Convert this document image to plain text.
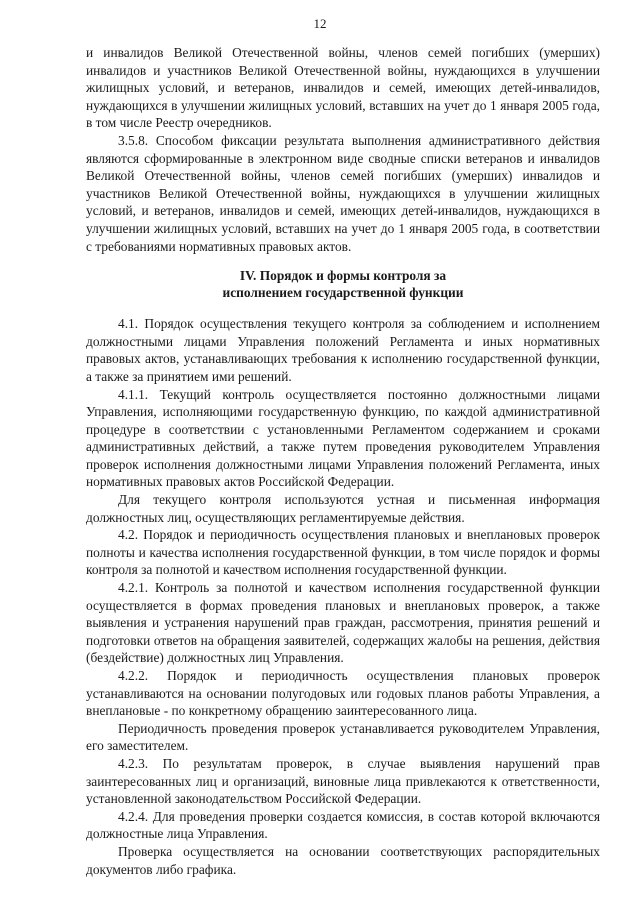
12

и инвалидов Великой Отечественной войны, членов семей погибших (умерших) инвалидов и участников Великой Отечественной войны, нуждающихся в улучшении жилищных условий, и ветеранов, инвалидов и семей, имеющих детей-инвалидов, нуждающихся в улучшении жилищных условий, вставших на учет до 1 января 2005 года, в том числе Реестр очередников.

3.5.8. Способом фиксации результата выполнения административного действия являются сформированные в электронном виде сводные списки ветеранов и инвалидов Великой Отечественной войны, членов семей погибших (умерших) инвалидов и участников Великой Отечественной войны, нуждающихся в улучшении жилищных условий, и ветеранов, инвалидов и семей, имеющих детей-инвалидов, нуждающихся в улучшении жилищных условий, вставших на учет до 1 января 2005 года, в соответствии с требованиями нормативных правовых актов.

IV. Порядок и формы контроля за
исполнением государственной функции

4.1. Порядок осуществления текущего контроля за соблюдением и исполнением должностными лицами Управления положений Регламента и иных нормативных правовых актов, устанавливающих требования к исполнению государственной функции, а также за принятием ими решений.

4.1.1. Текущий контроль осуществляется постоянно должностными лицами Управления, исполняющими государственную функцию, по каждой административной процедуре в соответствии с установленными Регламентом содержанием и сроками административных действий, а также путем проведения руководителем Управления проверок исполнения должностными лицами Управления положений Регламента, иных нормативных правовых актов Российской Федерации.

Для текущего контроля используются устная и письменная информация должностных лиц, осуществляющих регламентируемые действия.

4.2. Порядок и периодичность осуществления плановых и внеплановых проверок полноты и качества исполнения государственной функции, в том числе порядок и формы контроля за полнотой и качеством исполнения государственной функции.

4.2.1. Контроль за полнотой и качеством исполнения государственной функции осуществляется в формах проведения плановых и внеплановых проверок, а также выявления и устранения нарушений прав граждан, рассмотрения, принятия решений и подготовки ответов на обращения заявителей, содержащих жалобы на решения, действия (бездействие) должностных лиц Управления.

4.2.2. Порядок и периодичность осуществления плановых проверок устанавливаются на основании полугодовых или годовых планов работы Управления, а внеплановые - по конкретному обращению заинтересованного лица.

Периодичность проведения проверок устанавливается руководителем Управления, его заместителем.

4.2.3. По результатам проверок, в случае выявления нарушений прав заинтересованных лиц и организаций, виновные лица привлекаются к ответственности, установленной законодательством Российской Федерации.

4.2.4. Для проведения проверки создается комиссия, в состав которой включаются должностные лица Управления.

Проверка осуществляется на основании соответствующих распорядительных документов либо графика.
